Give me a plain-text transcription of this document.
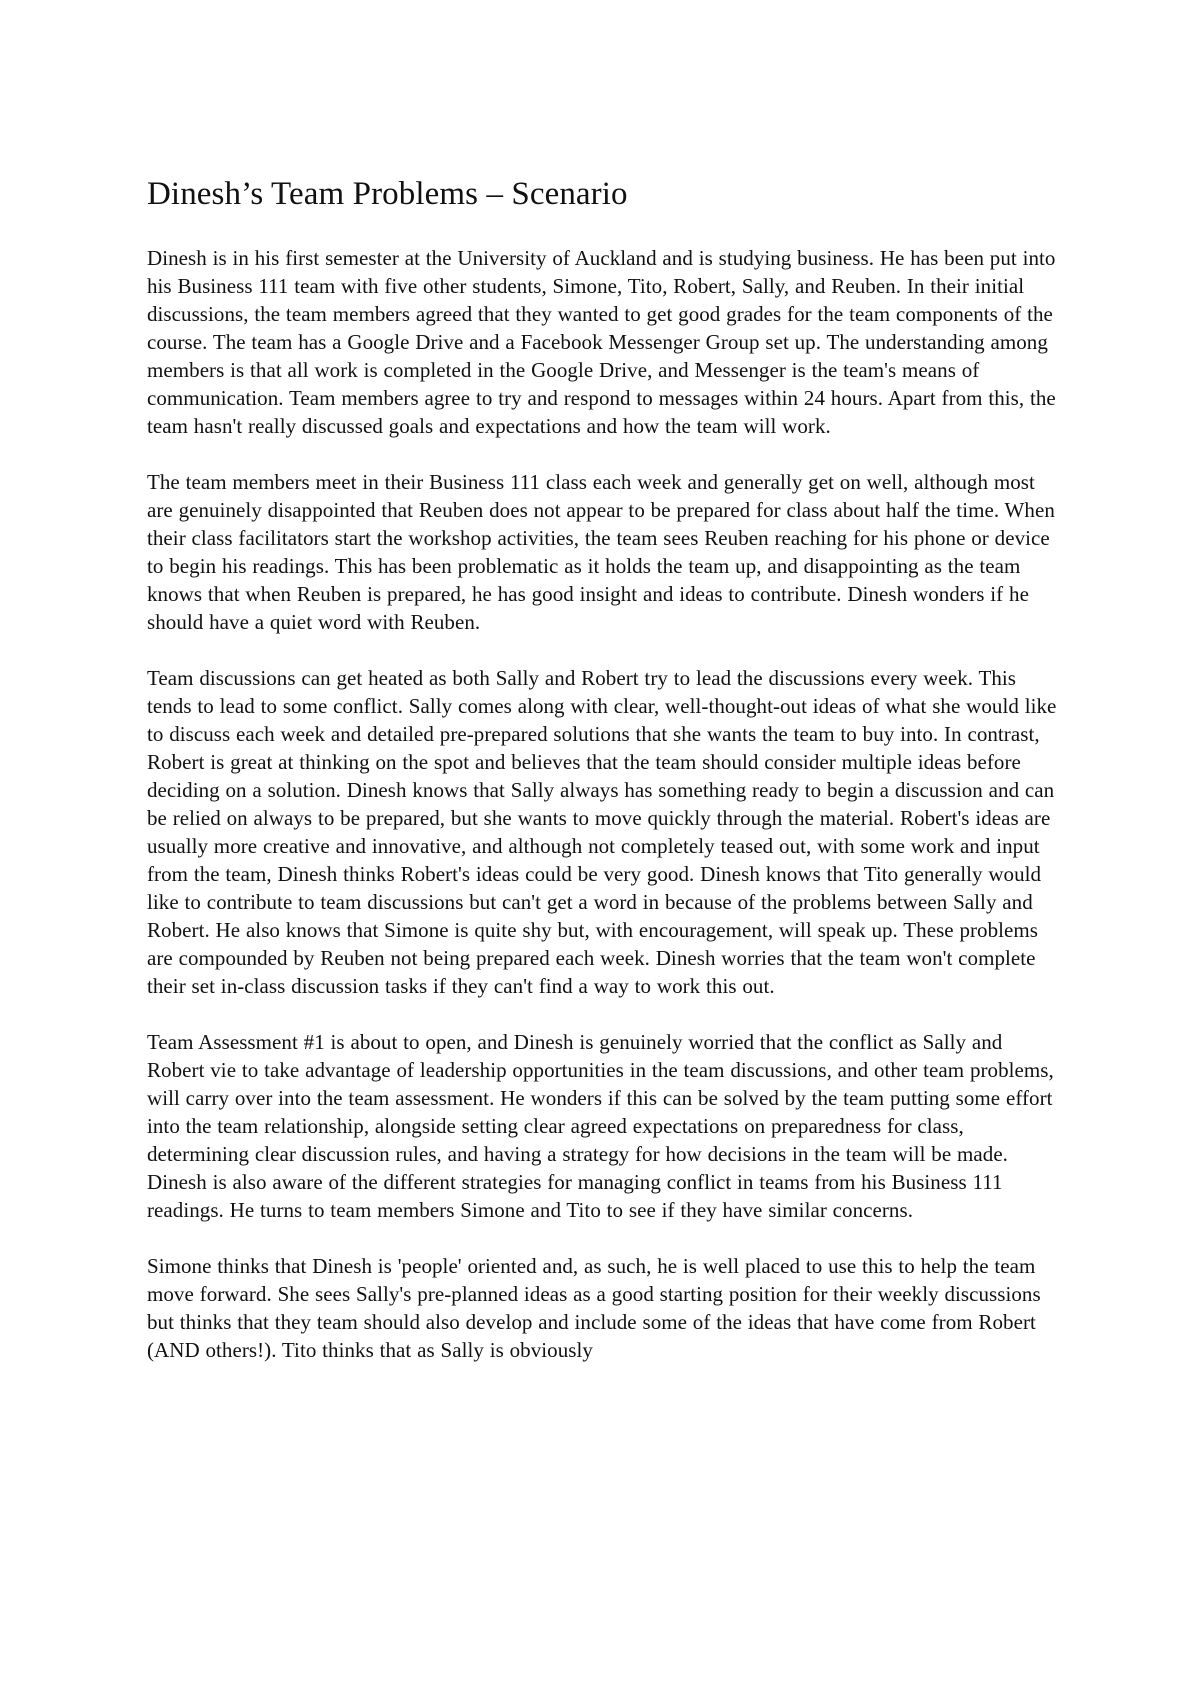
Dinesh’s Team Problems – Scenario

Dinesh is in his first semester at the University of Auckland and is studying business. He has been put into his Business 111 team with five other students, Simone, Tito, Robert, Sally, and Reuben. In their initial discussions, the team members agreed that they wanted to get good grades for the team components of the course. The team has a Google Drive and a Facebook Messenger Group set up. The understanding among members is that all work is completed in the Google Drive, and Messenger is the team's means of communication. Team members agree to try and respond to messages within 24 hours. Apart from this, the team hasn't really discussed goals and expectations and how the team will work.

The team members meet in their Business 111 class each week and generally get on well, although most are genuinely disappointed that Reuben does not appear to be prepared for class about half the time. When their class facilitators start the workshop activities, the team sees Reuben reaching for his phone or device to begin his readings. This has been problematic as it holds the team up, and disappointing as the team knows that when Reuben is prepared, he has good insight and ideas to contribute. Dinesh wonders if he should have a quiet word with Reuben.

Team discussions can get heated as both Sally and Robert try to lead the discussions every week. This tends to lead to some conflict. Sally comes along with clear, well-thought-out ideas of what she would like to discuss each week and detailed pre-prepared solutions that she wants the team to buy into. In contrast, Robert is great at thinking on the spot and believes that the team should consider multiple ideas before deciding on a solution. Dinesh knows that Sally always has something ready to begin a discussion and can be relied on always to be prepared, but she wants to move quickly through the material. Robert's ideas are usually more creative and innovative, and although not completely teased out, with some work and input from the team, Dinesh thinks Robert's ideas could be very good. Dinesh knows that Tito generally would like to contribute to team discussions but can't get a word in because of the problems between Sally and Robert. He also knows that Simone is quite shy but, with encouragement, will speak up. These problems are compounded by Reuben not being prepared each week. Dinesh worries that the team won't complete their set in-class discussion tasks if they can't find a way to work this out.

Team Assessment #1 is about to open, and Dinesh is genuinely worried that the conflict as Sally and Robert vie to take advantage of leadership opportunities in the team discussions, and other team problems, will carry over into the team assessment. He wonders if this can be solved by the team putting some effort into the team relationship, alongside setting clear agreed expectations on preparedness for class, determining clear discussion rules, and having a strategy for how decisions in the team will be made. Dinesh is also aware of the different strategies for managing conflict in teams from his Business 111 readings. He turns to team members Simone and Tito to see if they have similar concerns.

Simone thinks that Dinesh is 'people' oriented and, as such, he is well placed to use this to help the team move forward. She sees Sally's pre-planned ideas as a good starting position for their weekly discussions but thinks that they team should also develop and include some of the ideas that have come from Robert (AND others!). Tito thinks that as Sally is obviously
